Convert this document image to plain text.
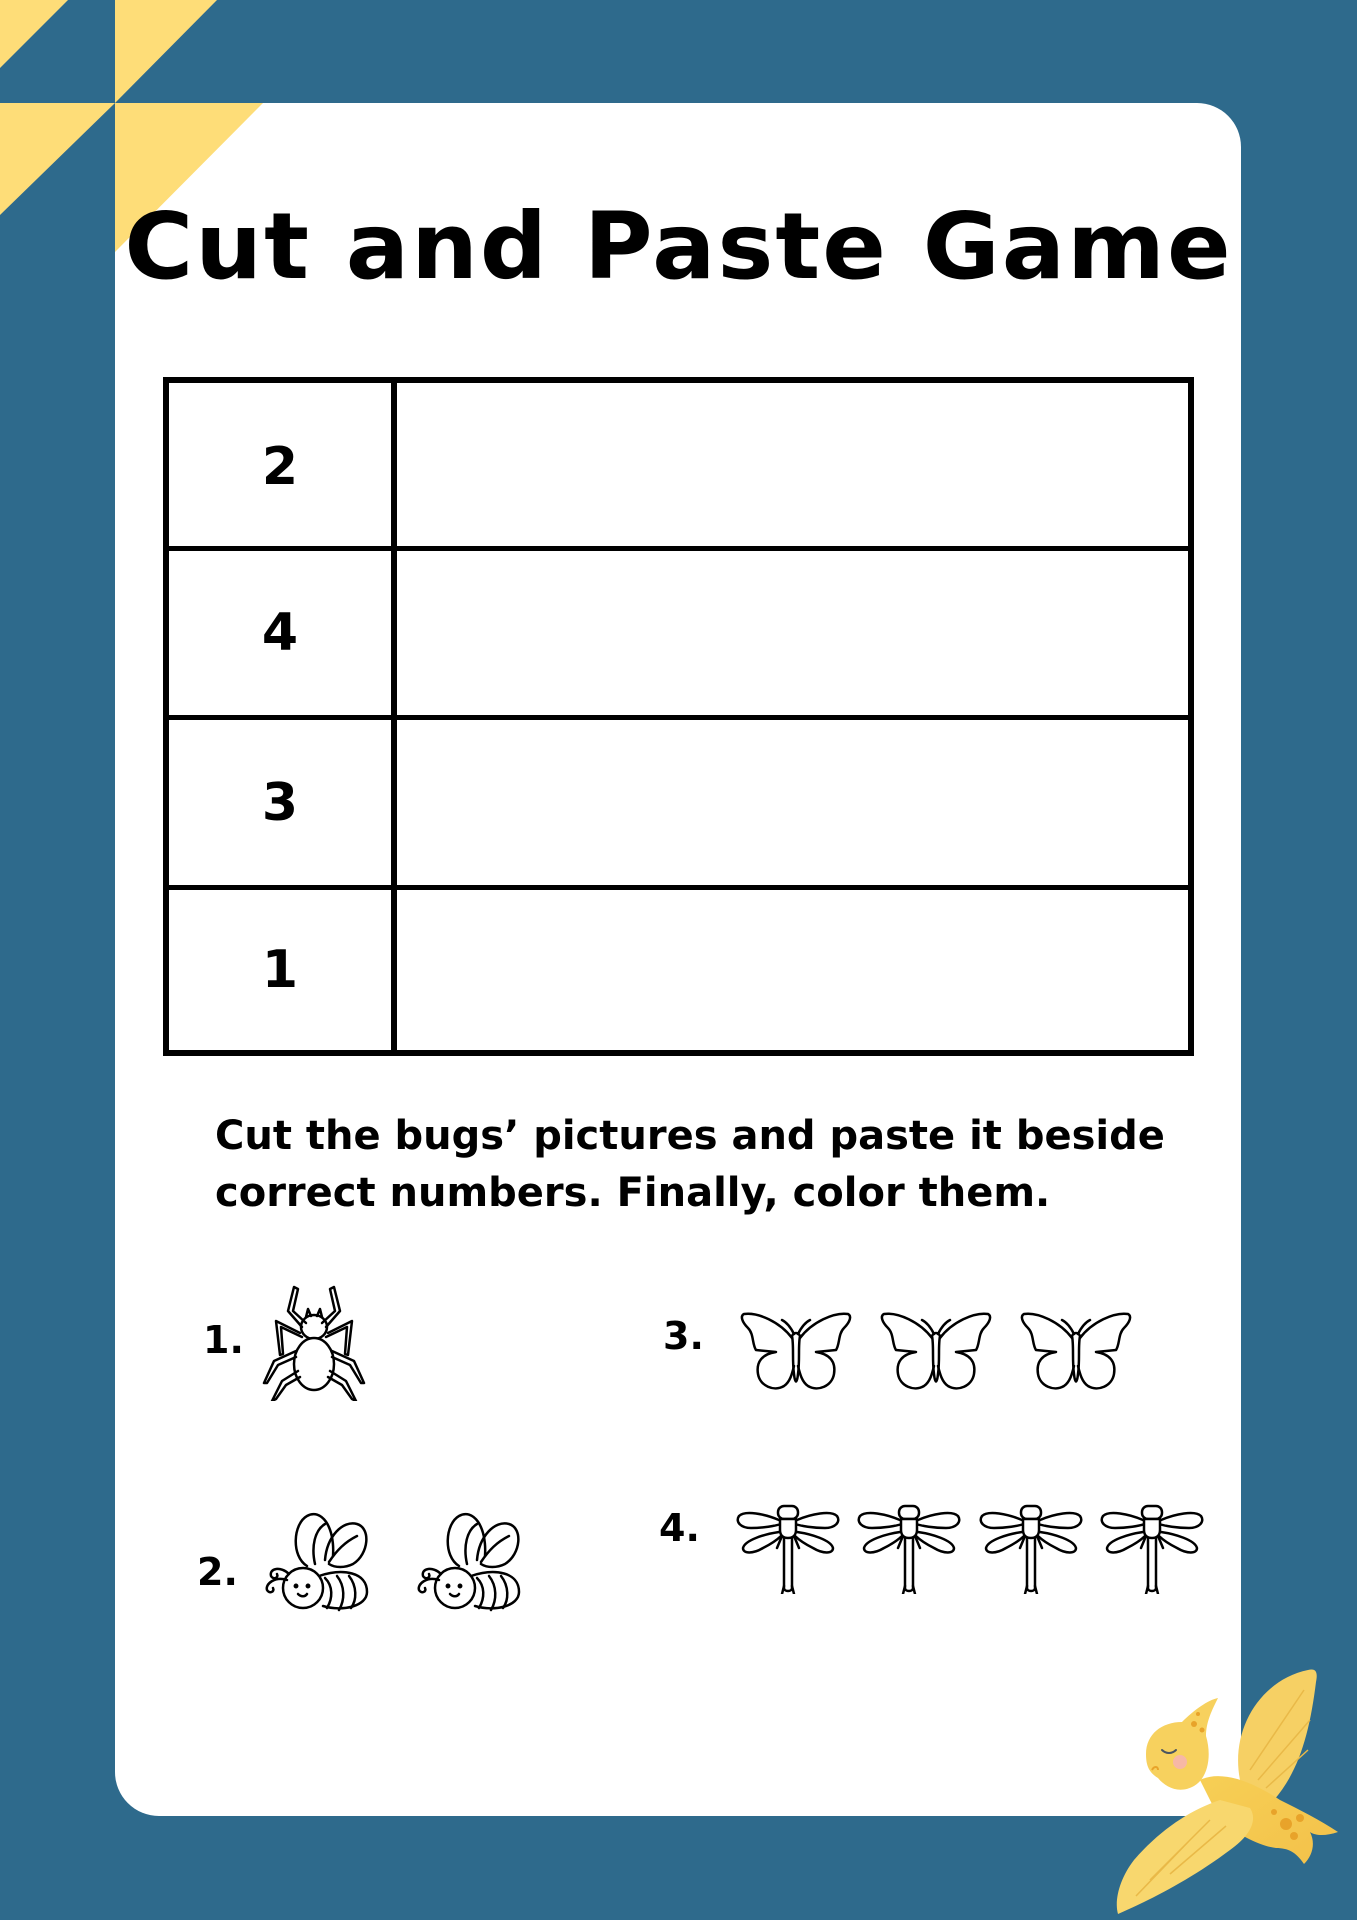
Cut and Paste Game
2
4
3
1
Cut the bugs’ pictures and paste it beside
correct numbers. Finally, color them.
1.
2.
3.
4.
